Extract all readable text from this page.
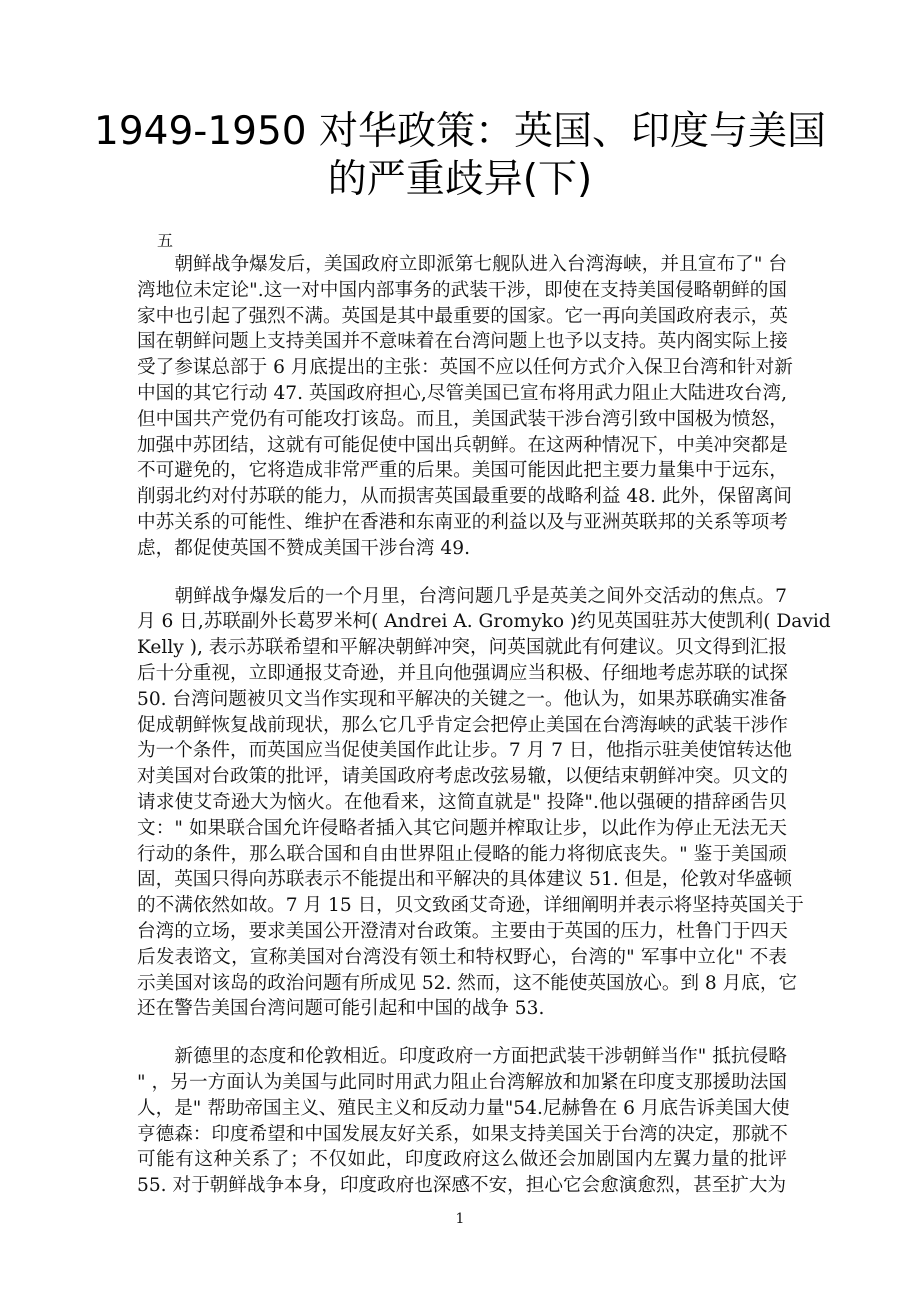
1949-1950 对华政策：英国、印度与美国
的严重歧异(下)
五
　　朝鲜战争爆发后，美国政府立即派第七舰队进入台湾海峡，并且宣布了" 台
湾地位未定论".这一对中国内部事务的武装干涉，即使在支持美国侵略朝鲜的国
家中也引起了强烈不满。英国是其中最重要的国家。它一再向美国政府表示，英
国在朝鲜问题上支持美国并不意味着在台湾问题上也予以支持。英内阁实际上接
受了参谋总部于 6 月底提出的主张：英国不应以任何方式介入保卫台湾和针对新
中国的其它行动 47. 英国政府担心,尽管美国已宣布将用武力阻止大陆进攻台湾,
但中国共产党仍有可能攻打该岛。而且，美国武装干涉台湾引致中国极为愤怒，
加强中苏团结，这就有可能促使中国出兵朝鲜。在这两种情况下，中美冲突都是
不可避免的，它将造成非常严重的后果。美国可能因此把主要力量集中于远东，
削弱北约对付苏联的能力，从而损害英国最重要的战略利益 48. 此外，保留离间
中苏关系的可能性、维护在香港和东南亚的利益以及与亚洲英联邦的关系等项考
虑，都促使英国不赞成美国干涉台湾 49.
　　朝鲜战争爆发后的一个月里，台湾问题几乎是英美之间外交活动的焦点。7
月 6 日,苏联副外长葛罗米柯( Andrei A. Gromyko )约见英国驻苏大使凯利( David
Kelly ), 表示苏联希望和平解决朝鲜冲突，问英国就此有何建议。贝文得到汇报
后十分重视，立即通报艾奇逊，并且向他强调应当积极、仔细地考虑苏联的试探
50. 台湾问题被贝文当作实现和平解决的关键之一。他认为，如果苏联确实准备
促成朝鲜恢复战前现状，那么它几乎肯定会把停止美国在台湾海峡的武装干涉作
为一个条件，而英国应当促使美国作此让步。7 月 7 日，他指示驻美使馆转达他
对美国对台政策的批评，请美国政府考虑改弦易辙，以便结束朝鲜冲突。贝文的
请求使艾奇逊大为恼火。在他看来，这简直就是" 投降".他以强硬的措辞函告贝
文：" 如果联合国允许侵略者插入其它问题并榨取让步，以此作为停止无法无天
行动的条件，那么联合国和自由世界阻止侵略的能力将彻底丧失。" 鉴于美国顽
固，英国只得向苏联表示不能提出和平解决的具体建议 51. 但是，伦敦对华盛顿
的不满依然如故。7 月 15 日，贝文致函艾奇逊，详细阐明并表示将坚持英国关于
台湾的立场，要求美国公开澄清对台政策。主要由于英国的压力，杜鲁门于四天
后发表谘文，宣称美国对台湾没有领土和特权野心，台湾的" 军事中立化" 不表
示美国对该岛的政治问题有所成见 52. 然而，这不能使英国放心。到 8 月底，它
还在警告美国台湾问题可能引起和中国的战争 53.
　　新德里的态度和伦敦相近。印度政府一方面把武装干涉朝鲜当作" 抵抗侵略
" ，另一方面认为美国与此同时用武力阻止台湾解放和加紧在印度支那援助法国
人，是" 帮助帝国主义、殖民主义和反动力量"54.尼赫鲁在 6 月底告诉美国大使
亨德森：印度希望和中国发展友好关系，如果支持美国关于台湾的决定，那就不
可能有这种关系了；不仅如此，印度政府这么做还会加剧国内左翼力量的批评
55. 对于朝鲜战争本身，印度政府也深感不安，担心它会愈演愈烈，甚至扩大为
1
